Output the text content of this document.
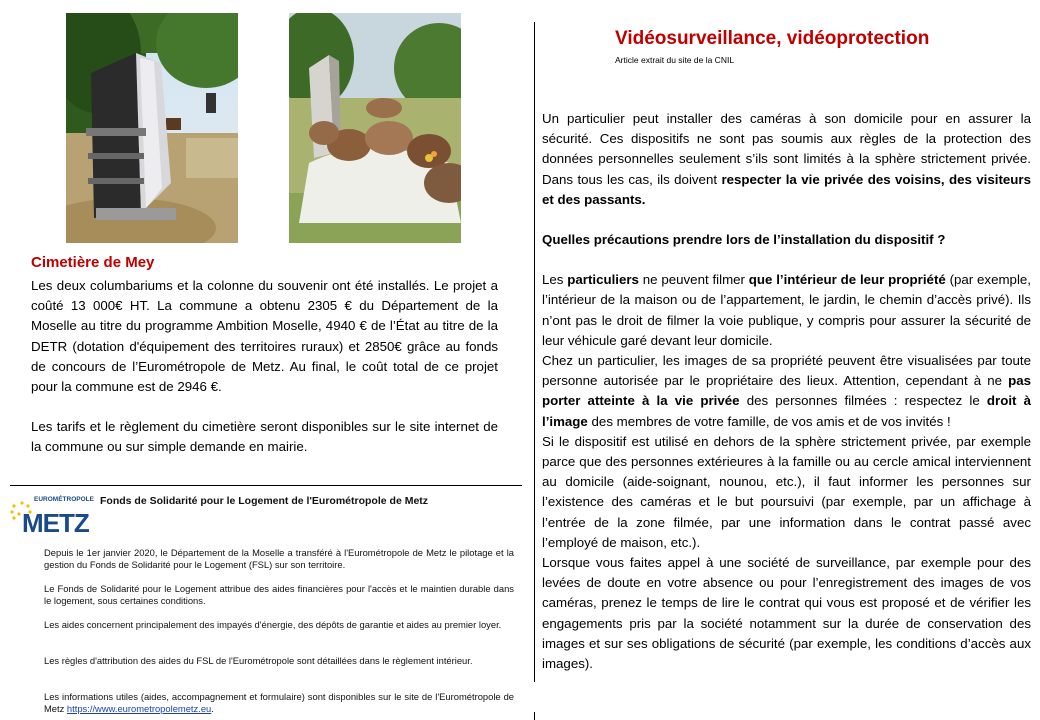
Cimetière de Mey

Les deux columbariums et la colonne du souvenir ont été installés. Le projet a coûté 13 000€ HT. La commune a obtenu 2305 € du Département de la Moselle au titre du programme Ambition Moselle, 4940 € de l’État au titre de la DETR (dotation d'équipement des territoires ruraux) et 2850€ grâce au fonds de concours de l’Eurométropole de Metz. Au final, le coût total de ce projet pour la commune est de 2946 €.

Les tarifs et le règlement du cimetière seront disponibles sur le site internet de la commune ou sur simple demande en mairie.

Vidéosurveillance, vidéoprotection
Article extrait du site de la CNIL

Un particulier peut installer des caméras à son domicile pour en assurer la sécurité. Ces dispositifs ne sont pas soumis aux règles de la protection des données personnelles seulement s’ils sont limités à la sphère strictement privée. Dans tous les cas, ils doivent respecter la vie privée des voisins, des visiteurs et des passants.

Quelles précautions prendre lors de l’installation du dispositif ?

Les particuliers ne peuvent filmer que l’intérieur de leur propriété (par exemple, l’intérieur de la maison ou de l’appartement, le jardin, le chemin d’accès privé). Ils n’ont pas le droit de filmer la voie publique, y compris pour assurer la sécurité de leur véhicule garé devant leur domicile.

Chez un particulier, les images de sa propriété peuvent être visualisées par toute personne autorisée par le propriétaire des lieux. Attention, cependant à ne pas porter atteinte à la vie privée des personnes filmées : respectez le droit à l’image des membres de votre famille, de vos amis et de vos invités !

Si le dispositif est utilisé en dehors de la sphère strictement privée, par exemple parce que des personnes extérieures à la famille ou au cercle amical interviennent au domicile (aide-soignant, nounou, etc.), il faut informer les personnes sur l’existence des caméras et le but poursuivi (par exemple, par un affichage à l’entrée de la zone filmée, par une information dans le contrat passé avec l’employé de maison, etc.).

Lorsque vous faites appel à une société de surveillance, par exemple pour des levées de doute en votre absence ou pour l’enregistrement des images de vos caméras, prenez le temps de lire le contrat qui vous est proposé et de vérifier les engagements pris par la société notamment sur la durée de conservation des images et sur ses obligations de sécurité (par exemple, les conditions d’accès aux images).

EUROMÉTROPOLE
METZ
Fonds de Solidarité pour le Logement de l'Eurométropole de Metz
Depuis le 1er janvier 2020, le Département de la Moselle a transféré à l'Eurométropole de Metz le pilotage et la gestion du Fonds de Solidarité pour le Logement (FSL) sur son territoire.
Le Fonds de Solidarité pour le Logement attribue des aides financières pour l'accès et le maintien durable dans le logement, sous certaines conditions.
Les aides concernent principalement des impayés d'énergie, des dépôts de garantie et aides au premier loyer.
Les règles d'attribution des aides du FSL de l'Eurométropole sont détaillées dans le règlement intérieur.
Les informations utiles (aides, accompagnement et formulaire) sont disponibles sur le site de l'Eurométropole de Metz https://www.eurometropolemetz.eu.
